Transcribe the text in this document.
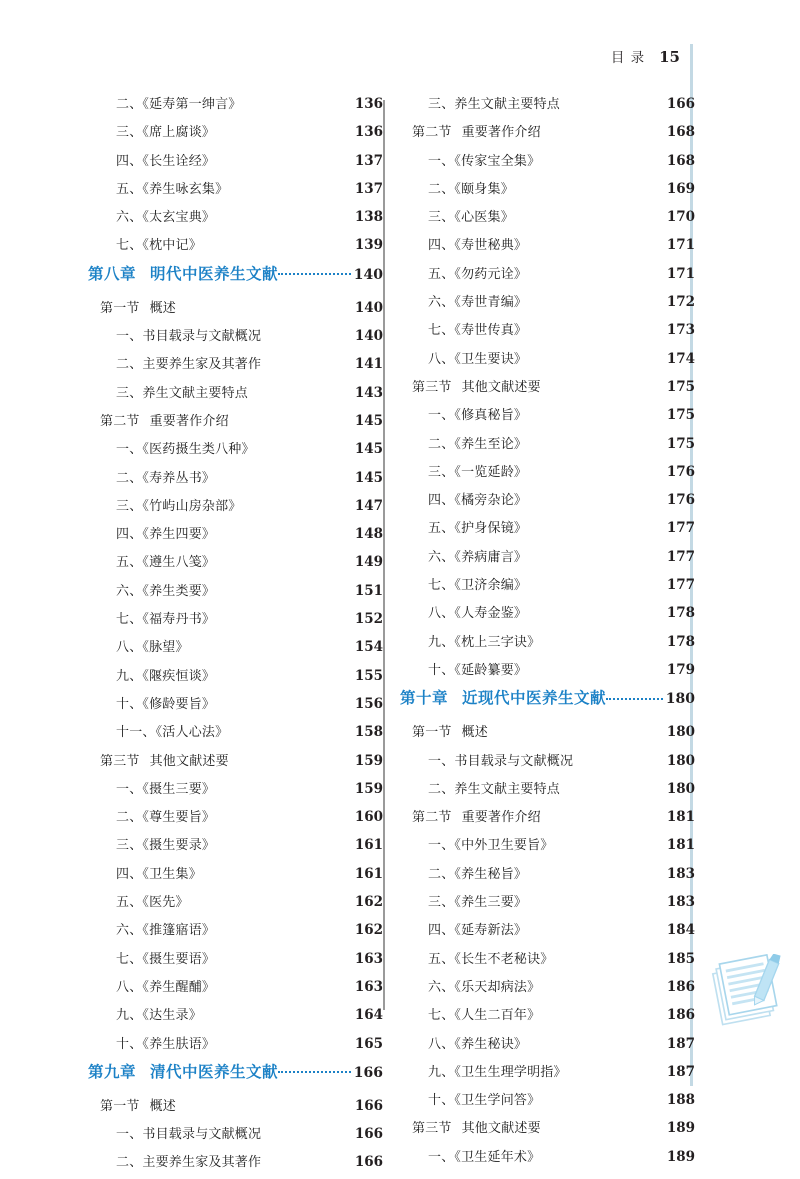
目 录 15
二、《延寿第一绅言》	136
三、《席上腐谈》	136
四、《长生诠经》	137
五、《养生咏玄集》	137
六、《太玄宝典》	138
七、《枕中记》	139
第八章 明代中医养生文献	140
第一节 概述	140
一、书目载录与文献概况	140
二、主要养生家及其著作	141
三、养生文献主要特点	143
第二节 重要著作介绍	145
一、《医药摄生类八种》	145
二、《寿养丛书》	145
三、《竹屿山房杂部》	147
四、《养生四要》	148
五、《遵生八笺》	149
六、《养生类要》	151
七、《福寿丹书》	152
八、《脉望》	154
九、《隁疾恒谈》	155
十、《修龄要旨》	156
十一、《活人心法》	158
第三节 其他文献述要	159
一、《摄生三要》	159
二、《尊生要旨》	160
三、《摄生要录》	161
四、《卫生集》	161
五、《医先》	162
六、《推篷寤语》	162
七、《摄生要语》	163
八、《养生醒酺》	163
九、《达生录》	164
十、《养生肤语》	165
第九章 清代中医养生文献	166
第一节 概述	166
一、书目载录与文献概况	166
二、主要养生家及其著作	166
三、养生文献主要特点	166
第二节 重要著作介绍	168
一、《传家宝全集》	168
二、《颐身集》	169
三、《心医集》	170
四、《寿世秘典》	171
五、《勿药元诠》	171
六、《寿世青编》	172
七、《寿世传真》	173
八、《卫生要诀》	174
第三节 其他文献述要	175
一、《修真秘旨》	175
二、《养生至论》	175
三、《一览延龄》	176
四、《橘旁杂论》	176
五、《护身保镜》	177
六、《养病庸言》	177
七、《卫济余编》	177
八、《人寿金鉴》	178
九、《枕上三字诀》	178
十、《延龄纂要》	179
第十章 近现代中医养生文献	180
第一节 概述	180
一、书目载录与文献概况	180
二、养生文献主要特点	180
第二节 重要著作介绍	181
一、《中外卫生要旨》	181
二、《养生秘旨》	183
三、《养生三要》	183
四、《延寿新法》	184
五、《长生不老秘诀》	185
六、《乐天却病法》	186
七、《人生二百年》	186
八、《养生秘诀》	187
九、《卫生生理学明指》	187
十、《卫生学问答》	188
第三节 其他文献述要	189
一、《卫生延年术》	189
